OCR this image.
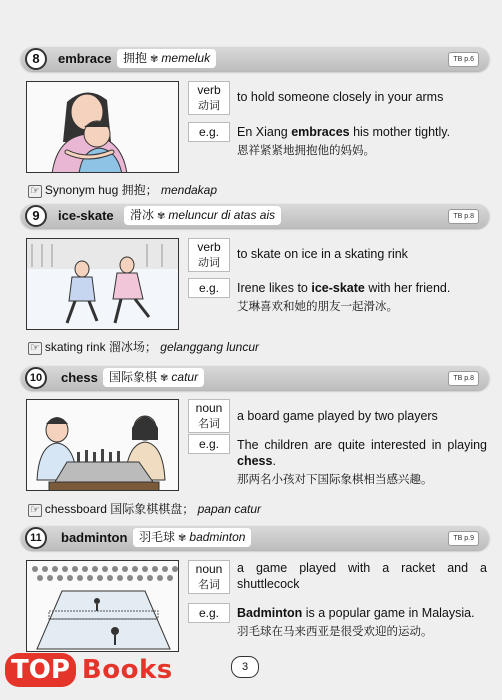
8	embrace 拥抱 ✾ memeluk	TB p.6
verb
动词
to hold someone closely in your arms
e.g.	En Xiang embraces his mother tightly.
恩祥紧紧地拥抱他的妈妈。
☞ Synonym hug 拥抱； mendakap
9	ice-skate	滑冰 ✾ meluncur di atas ais	TB p.8
verb
动词
to skate on ice in a skating rink
e.g.	Irene likes to ice-skate with her friend.
艾琳喜欢和她的朋友一起滑冰。
☞ skating rink 溜冰场； gelanggang luncur
10	chess 国际象棋 ✾ catur	TB p.8
noun
名词
a board game played by two players
e.g.	The children are quite interested in playing chess.
那两名小孩对下国际象棋相当感兴趣。
☞ chessboard 国际象棋棋盘； papan catur
11	badminton 羽毛球 ✾ badminton	TB p.9
noun
名词
a game played with a racket and a shuttlecock
e.g.	Badminton is a popular game in Malaysia.
羽毛球在马来西亚是很受欢迎的运动。
3
TOP Books
